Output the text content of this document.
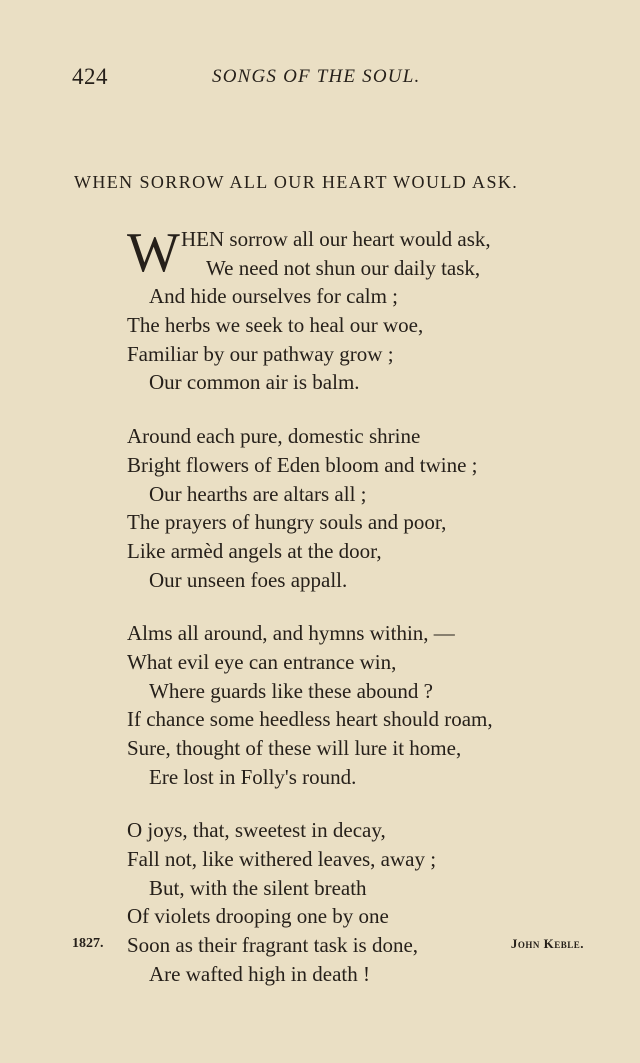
424	SONGS OF THE SOUL.
WHEN SORROW ALL OUR HEART WOULD ASK.
W HEN sorrow all our heart would ask,
We need not shun our daily task,
And hide ourselves for calm ;
The herbs we seek to heal our woe,
Familiar by our pathway grow ;
Our common air is balm.
Around each pure, domestic shrine
Bright flowers of Eden bloom and twine ;
Our hearths are altars all ;
The prayers of hungry souls and poor,
Like armèd angels at the door,
Our unseen foes appall.
Alms all around, and hymns within, —
What evil eye can entrance win,
Where guards like these abound ?
If chance some heedless heart should roam,
Sure, thought of these will lure it home,
Ere lost in Folly's round.
O joys, that, sweetest in decay,
Fall not, like withered leaves, away ;
But, with the silent breath
Of violets drooping one by one
Soon as their fragrant task is done,
Are wafted high in death !
1827.	John Keble.
